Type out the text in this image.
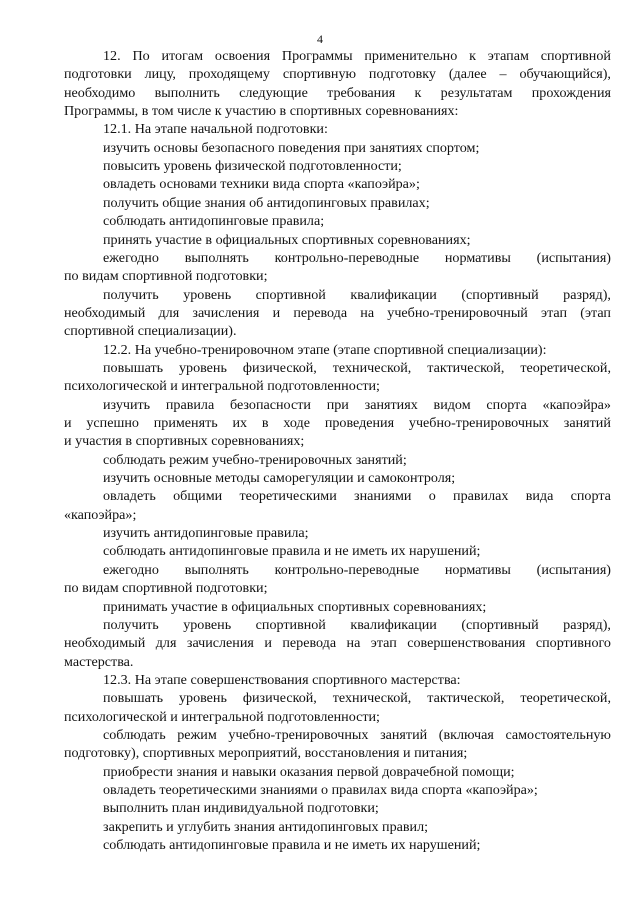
4
12. По итогам освоения Программы применительно к этапам спортивной
подготовки лицу, проходящему спортивную подготовку (далее – обучающийся),
необходимо выполнить следующие требования к результатам прохождения
Программы, в том числе к участию в спортивных соревнованиях:
12.1. На этапе начальной подготовки:
изучить основы безопасного поведения при занятиях спортом;
повысить уровень физической подготовленности;
овладеть основами техники вида спорта «капоэйра»;
получить общие знания об антидопинговых правилах;
соблюдать антидопинговые правила;
принять участие в официальных спортивных соревнованиях;
ежегодно выполнять контрольно-переводные нормативы (испытания)
по видам спортивной подготовки;
получить уровень спортивной квалификации (спортивный разряд),
необходимый для зачисления и перевода на учебно-тренировочный этап (этап
спортивной специализации).
12.2. На учебно-тренировочном этапе (этапе спортивной специализации):
повышать уровень физической, технической, тактической, теоретической,
психологической и интегральной подготовленности;
изучить правила безопасности при занятиях видом спорта «капоэйра»
и успешно применять их в ходе проведения учебно-тренировочных занятий
и участия в спортивных соревнованиях;
соблюдать режим учебно-тренировочных занятий;
изучить основные методы саморегуляции и самоконтроля;
овладеть общими теоретическими знаниями о правилах вида спорта
«капоэйра»;
изучить антидопинговые правила;
соблюдать антидопинговые правила и не иметь их нарушений;
ежегодно выполнять контрольно-переводные нормативы (испытания)
по видам спортивной подготовки;
принимать участие в официальных спортивных соревнованиях;
получить уровень спортивной квалификации (спортивный разряд),
необходимый для зачисления и перевода на этап совершенствования спортивного
мастерства.
12.3. На этапе совершенствования спортивного мастерства:
повышать уровень физической, технической, тактической, теоретической,
психологической и интегральной подготовленности;
соблюдать режим учебно-тренировочных занятий (включая самостоятельную
подготовку), спортивных мероприятий, восстановления и питания;
приобрести знания и навыки оказания первой доврачебной помощи;
овладеть теоретическими знаниями о правилах вида спорта «капоэйра»;
выполнить план индивидуальной подготовки;
закрепить и углубить знания антидопинговых правил;
соблюдать антидопинговые правила и не иметь их нарушений;
